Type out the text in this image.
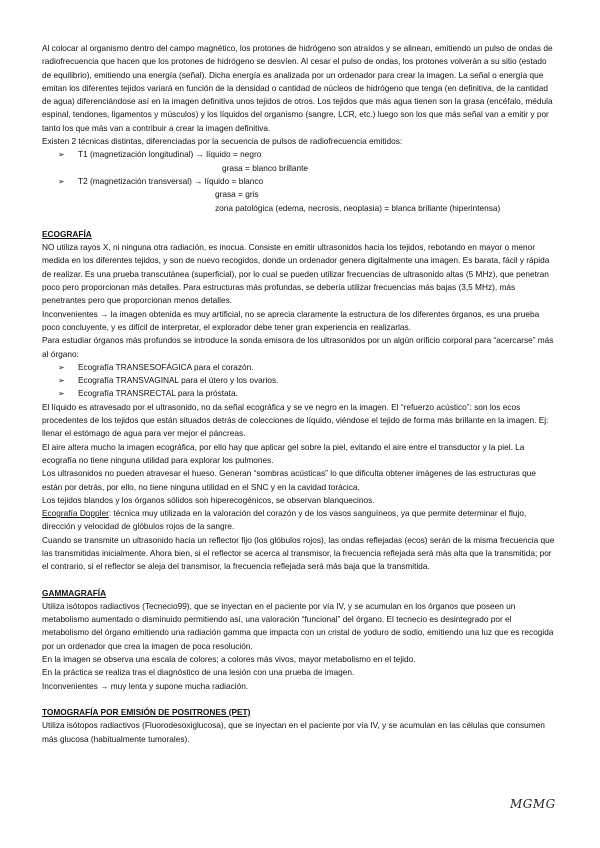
Al colocar al organismo dentro del campo magnético, los protones de hidrógeno son atraídos y se alinean, emitiendo un pulso de ondas de radiofrecuencia que hacen que los protones de hidrógeno se desvíen. Al cesar el pulso de ondas, los protones volverán a su sitio (estado de equilibrio), emitiendo una energía (señal). Dicha energía es analizada por un ordenador para crear la imagen. La señal o energía que emitan los diferentes tejidos variará en función de la densidad o cantidad de núcleos de hidrógeno que tenga (en definitiva, de la cantidad de agua) diferenciándose así en la imagen definitiva unos tejidos de otros. Los tejidos que más agua tienen son la grasa (encéfalo, médula espinal, tendones, ligamentos y músculos) y los líquidos del organismo (sangre, LCR, etc.) luego son los que más señal van a emitir y por tanto los que más van a contribuir a crear la imagen definitiva.

Existen 2 técnicas distintas, diferenciadas por la secuencia de pulsos de radiofrecuencia emitidos:

➢ T1 (magnetización longitudinal) → líquido = negro

grasa = blanco brillante

➢ T2 (magnetización transversal) → líquido = blanco

grasa = gris

zona patológica (edema, necrosis, neoplasia) = blanca brillante (hiperintensa)

ECOGRAFÍA

NO utiliza rayos X, ni ninguna otra radiación, es inocua. Consiste en emitir ultrasonidos hacia los tejidos, rebotando en mayor o menor medida en los diferentes tejidos, y son de nuevo recogidos, donde un ordenador genera digitalmente una imagen. Es barata, fácil y rápida de realizar. Es una prueba transcutánea (superficial), por lo cual se pueden utilizar frecuencias de ultrasonido altas (5 MHz), que penetran poco pero proporcionan más detalles. Para estructuras más profundas, se debería utilizar frecuencias más bajas (3,5 MHz), más penetrantes pero que proporcionan menos detalles.

Inconvenientes → la imagen obtenida es muy artificial, no se aprecia claramente la estructura de los diferentes órganos, es una prueba poco concluyente, y es difícil de interpretar, el explorador debe tener gran experiencia en realizarlas.

Para estudiar órganos más profundos se introduce la sonda emisora de los ultrasonidos por un algún orificio corporal para “acercarse” más al órgano:

➢ Ecografía TRANSESOFÁGICA para el corazón.
➢ Ecografía TRANSVAGINAL para el útero y los ovarios.
➢ Ecografía TRANSRECTAL para la próstata.

El líquido es atravesado por el ultrasonido, no da señal ecográfica y se ve negro en la imagen. El “refuerzo acústico”: son los ecos procedentes de los tejidos que están situados detrás de colecciones de líquido, viéndose el tejido de forma más brillante en la imagen. Ej: llenar el estómago de agua para ver mejor el páncreas.

El aire altera mucho la imagen ecográfica, por ello hay que aplicar gel sobre la piel, evitando el aire entre el transductor y la piel. La ecografía no tiene ninguna utilidad para explorar los pulmones.

Los ultrasonidos no pueden atravesar el hueso. Generan “sombras acústicas” lo que dificulta obtener imágenes de las estructuras que están por detrás, por ello, no tiene ninguna utilidad en el SNC y en la cavidad torácica.

Los tejidos blandos y los órganos sólidos son hiperecogénicos, se observan blanquecinos.

Ecografía Doppler: técnica muy utilizada en la valoración del corazón y de los vasos sanguíneos, ya que permite determinar el flujo, dirección y velocidad de glóbulos rojos de la sangre.

Cuando se transmite un ultrasonido hacia un reflector fijo (los glóbulos rojos), las ondas reflejadas (ecos) serán de la misma frecuencia que las transmitidas inicialmente. Ahora bien, si el reflector se acerca al transmisor, la frecuencia reflejada será más alta que la transmitida; por el contrario, si el reflector se aleja del transmisor, la frecuencia reflejada será más baja que la transmitida.

GAMMAGRAFÍA

Utiliza isótopos radiactivos (Tecnecio99), que se inyectan en el paciente por vía IV, y se acumulan en los órganos que poseen un metabolismo aumentado o disminuido permitiendo así, una valoración “funcional” del órgano. El tecnecio es desintegrado por el metabolismo del órgano emitiendo una radiación gamma que impacta con un cristal de yoduro de sodio, emitiendo una luz que es recogida por un ordenador que crea la imagen de poca resolución.

En la imagen se observa una escala de colores; a colores más vivos, mayor metabolismo en el tejido.

En la práctica se realiza tras el diagnóstico de una lesión con una prueba de imagen.

Inconvenientes → muy lenta y supone mucha radiación.

TOMOGRAFÍA POR EMISIÓN DE POSITRONES (PET)

Utiliza isótopos radiactivos (Fluorodesoxiglucosa), que se inyectan en el paciente por vía IV, y se acumulan en las células que consumen más glucosa (habitualmente tumorales).

MGMG
